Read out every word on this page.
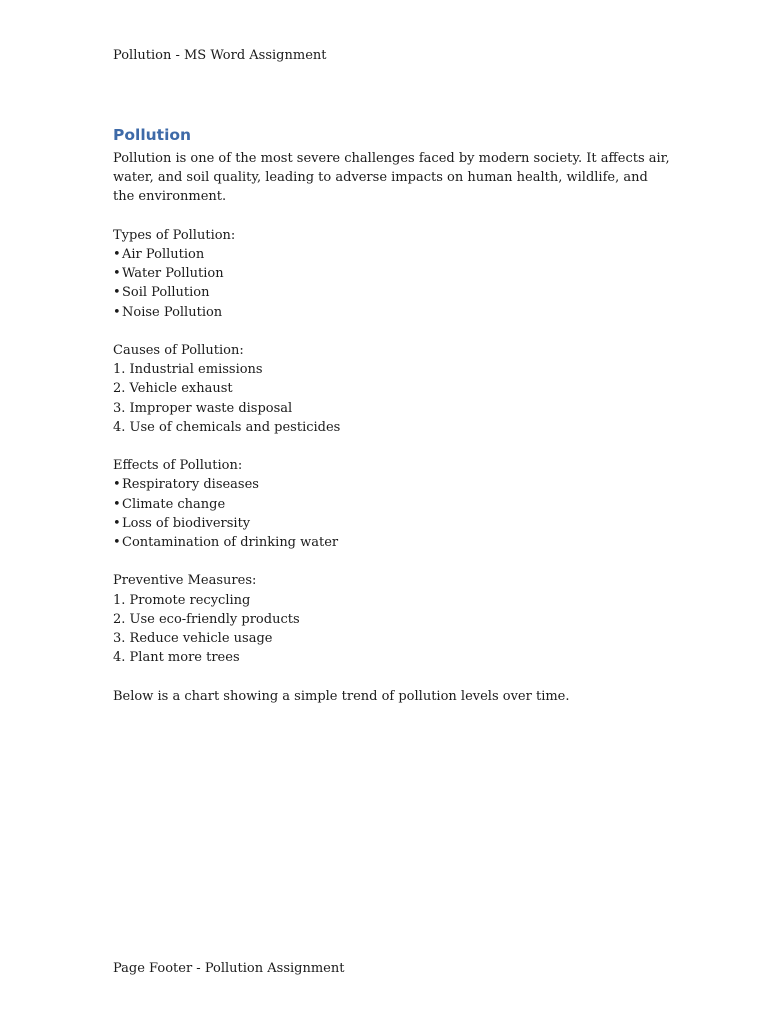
Pollution - MS Word Assignment
Pollution

Pollution is one of the most severe challenges faced by modern society. It affects air, water, and soil quality, leading to adverse impacts on human health, wildlife, and the environment.

Types of Pollution:
•Air Pollution
•Water Pollution
•Soil Pollution
•Noise Pollution
Causes of Pollution:
1. Industrial emissions
2. Vehicle exhaust
3. Improper waste disposal
4. Use of chemicals and pesticides
Effects of Pollution:
•Respiratory diseases
•Climate change
•Loss of biodiversity
•Contamination of drinking water
Preventive Measures:
1. Promote recycling
2. Use eco-friendly products
3. Reduce vehicle usage
4. Plant more trees
Below is a chart showing a simple trend of pollution levels over time.
Page Footer - Pollution Assignment
